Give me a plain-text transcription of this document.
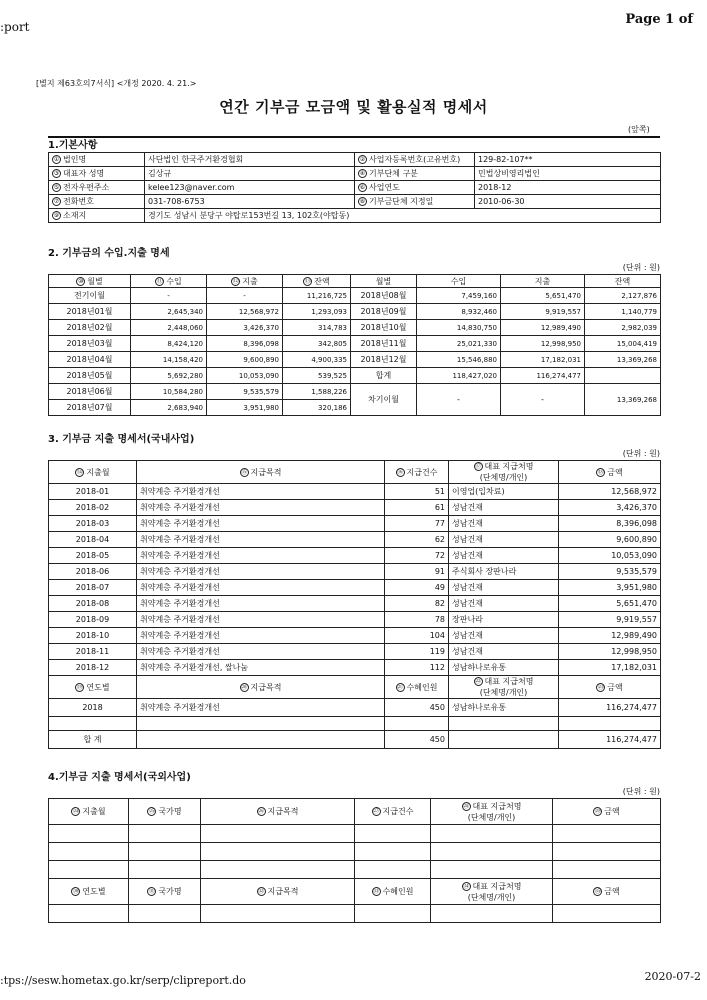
:port	Page 1 of
[별지 제63호의7서식] <개정 2020. 4. 21.>
연간 기부금 모금액 및 활용실적 명세서
(앞쪽)
1.기본사항
① 법인명	사단법인 한국주거환경협회	② 사업자등록번호(고유번호)	129-82-107**
③ 대표자 성명	김상규	④ 기부단체 구분	민법상비영리법인
⑤ 전자우편주소	kelee123@naver.com	⑥ 사업연도	2018-12
⑦ 전화번호	031-708-6753	⑧ 기부금단체 지정일	2010-06-30
⑨ 소재지	경기도 성남시 분당구 야탑로153번길 13, 102호(야탑동)		
2. 기부금의 수입.지출 명세
(단위 : 원)
⑩ 월별	⑪ 수입	⑫ 지출	⑬ 잔액	월별	수입	지출	잔액
전기이월	-	-	11,216,725	2018년08월	7,459,160	5,651,470	2,127,876
2018년01월	2,645,340	12,568,972	1,293,093	2018년09월	8,932,460	9,919,557	1,140,779
2018년02월	2,448,060	3,426,370	314,783	2018년10월	14,830,750	12,989,490	2,982,039
2018년03월	8,424,120	8,396,098	342,805	2018년11월	25,021,330	12,998,950	15,004,419
2018년04월	14,158,420	9,600,890	4,900,335	2018년12월	15,546,880	17,182,031	13,369,268
2018년05월	5,692,280	10,053,090	539,525	합계	118,427,020	116,274,477	
2018년06월	10,584,280	9,535,579	1,588,226	차기이월	-	-	13,369,268
2018년07월	2,683,940	3,951,980	320,186				
3. 기부금 지출 명세서(국내사업)
(단위 : 원)
⑭ 지출월	⑮ 지급목적	⑯ 지급건수	⑰ 대표 지급처명
(단체명/개인)	⑱ 금액
2018-01	취약계층 주거환경개선	51	이영업(입차료)	12,568,972
2018-02	취약계층 주거환경개선	61	성남건재	3,426,370
2018-03	취약계층 주거환경개선	77	성남건재	8,396,098
2018-04	취약계층 주거환경개선	62	성남건재	9,600,890
2018-05	취약계층 주거환경개선	72	성남건재	10,053,090
2018-06	취약계층 주거환경개선	91	주식회사 장판나라	9,535,579
2018-07	취약계층 주거환경개선	49	성남건재	3,951,980
2018-08	취약계층 주거환경개선	82	성남건재	5,651,470
2018-09	취약계층 주거환경개선	78	장판나라	9,919,557
2018-10	취약계층 주거환경개선	104	성남건재	12,989,490
2018-11	취약계층 주거환경개선	119	성남건재	12,998,950
2018-12	취약계층 주거환경개선, 쌀나눔	112	성남하나로유통	17,182,031
⑲ 연도별	⑳ 지급목적	㉑ 수혜인원	㉒ 대표 지급처명
(단체명/개인)	㉓ 금액
2018	취약계층 주거환경개선	450	성남하나로유통	116,274,477

합 계		450		116,274,477
4.기부금 지출 명세서(국외사업)
(단위 : 원)
㉔ 지출월	㉕ 국가명	㉖ 지급목적	㉗ 지급건수	㉘ 대표 지급처명
(단체명/개인)	㉙ 금액

㉚ 연도별	㉛ 국가명	㉜ 지급목적	㉝ 수혜인원	㉞ 대표 지급처명
(단체명/개인)	㉟ 금액

:tps://sesw.hometax.go.kr/serp/clipreport.do	2020-07-2
